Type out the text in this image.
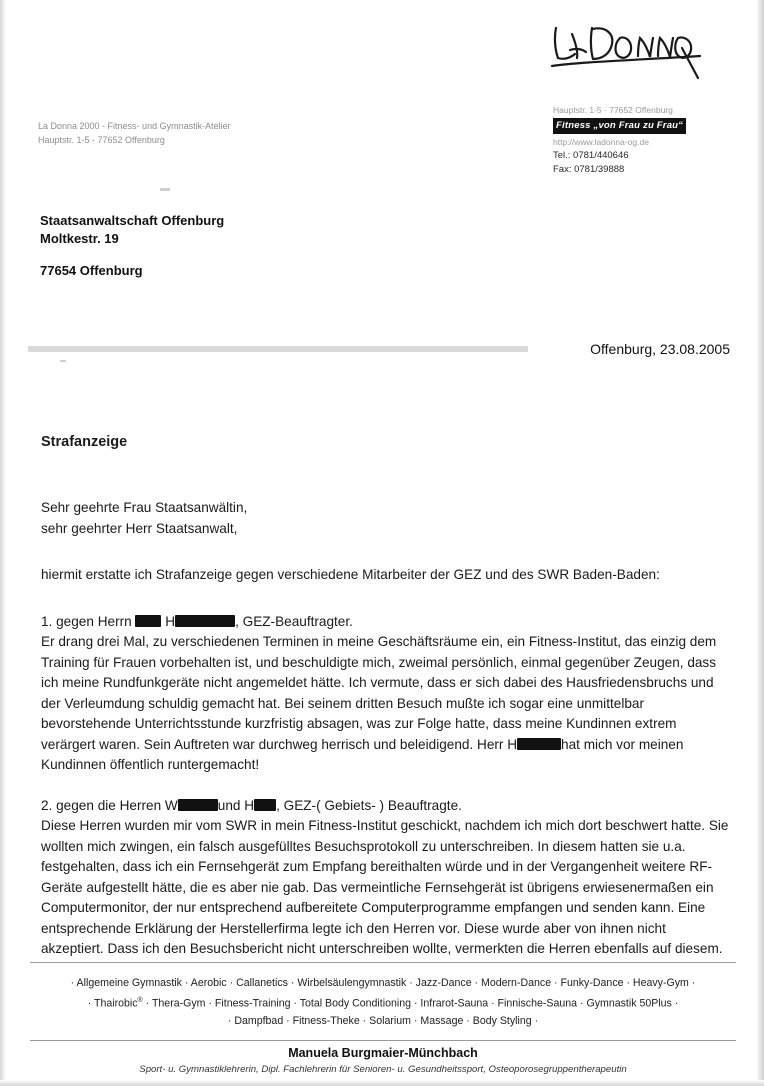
Hauptstr. 1-5 · 77652 Offenburg
Fitness „von Frau zu Frau“
http://www.ladonna-og.de
Tel.: 0781/440646
Fax: 0781/39888
La Donna 2000 - Fitness- und Gymnastik-Atelier
Hauptstr. 1-5 - 77652 Offenburg
Staatsanwaltschaft Offenburg
Moltkestr. 19
77654 Offenburg
Offenburg, 23.08.2005
Strafanzeige

Sehr geehrte Frau Staatsanwältin,

sehr geehrter Herr Staatsanwalt,

hiermit erstatte ich Strafanzeige gegen verschiedene Mitarbeiter der GEZ und des SWR Baden-Baden:

1. gegen Herrn  H	, GEZ-Beauftragter.

Er drang drei Mal, zu verschiedenen Terminen in meine Geschäftsräume ein, ein Fitness-Institut, das einzig dem Training für Frauen vorbehalten ist, und beschuldigte mich, zweimal persönlich, einmal gegenüber Zeugen, dass ich meine Rundfunkgeräte nicht angemeldet hätte. Ich vermute, dass er sich dabei des Hausfriedensbruchs und der Verleumdung schuldig gemacht hat. Bei seinem dritten Besuch mußte ich sogar eine unmittelbar bevorstehende Unterrichtsstunde kurzfristig absagen, was zur Folge hatte, dass meine Kundinnen extrem verärgert waren. Sein Auftreten war durchweg herrisch und beleidigend. Herr H	hat mich vor meinen Kundinnen öffentlich runtergemacht!

2. gegen die Herren W	und H , GEZ-( Gebiets- ) Beauftragte.

Diese Herren wurden mir vom SWR in mein Fitness-Institut geschickt, nachdem ich mich dort beschwert hatte. Sie wollten mich zwingen, ein falsch ausgefülltes Besuchsprotokoll zu unterschreiben. In diesem hatten sie u.a. festgehalten, dass ich ein Fernsehgerät zum Empfang bereithalten würde und in der Vergangenheit weitere RF-Geräte aufgestellt hätte, die es aber nie gab. Das vermeintliche Fernsehgerät ist übrigens erwiesenermaßen ein Computermonitor, der nur entsprechend aufbereitete Computerprogramme empfangen und senden kann. Eine entsprechende Erklärung der Herstellerfirma legte ich den Herren vor. Diese wurde aber von ihnen nicht akzeptiert. Dass ich den Besuchsbericht nicht unterschreiben wollte, vermerkten die Herren ebenfalls auf diesem.

· Allgemeine Gymnastik · Aerobic · Callanetics · Wirbelsäulengymnastik · Jazz-Dance · Modern-Dance · Funky-Dance · Heavy-Gym ·
· Thairobic® · Thera-Gym · Fitness-Training · Total Body Conditioning · Infrarot-Sauna · Finnische-Sauna · Gymnastik 50Plus ·
· Dampfbad · Fitness-Theke · Solarium · Massage · Body Styling ·
Manuela Burgmaier-Münchbach
Sport- u. Gymnastiklehrerin, Dipl. Fachlehrerin für Senioren- u. Gesundheitssport, Osteoporosegruppentherapeutin
